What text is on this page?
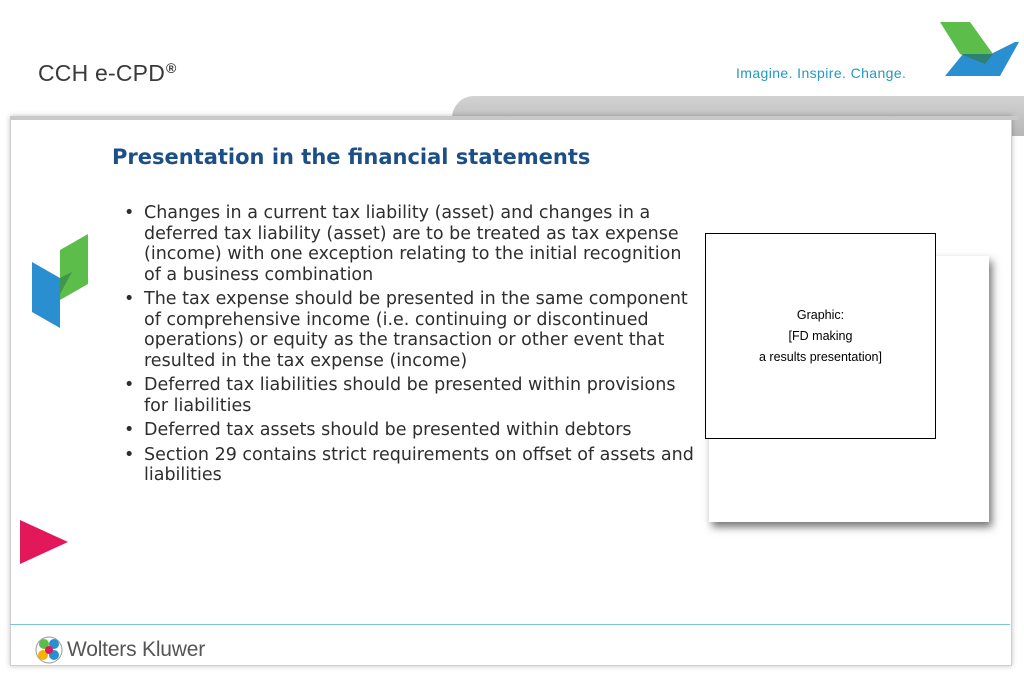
CCH e-CPD®	Imagine. Inspire. Change.
Presentation in the financial statements
• Changes in a current tax liability (asset) and changes in a deferred tax liability (asset) are to be treated as tax expense (income) with one exception relating to the initial recognition of a business combination
• The tax expense should be presented in the same component of comprehensive income (i.e. continuing or discontinued operations) or equity as the transaction or other event that resulted in the tax expense (income)
• Deferred tax liabilities should be presented within provisions for liabilities
• Deferred tax assets should be presented within debtors
• Section 29 contains strict requirements on offset of assets and liabilities
Graphic:
[FD making
a results presentation]
Wolters Kluwer
